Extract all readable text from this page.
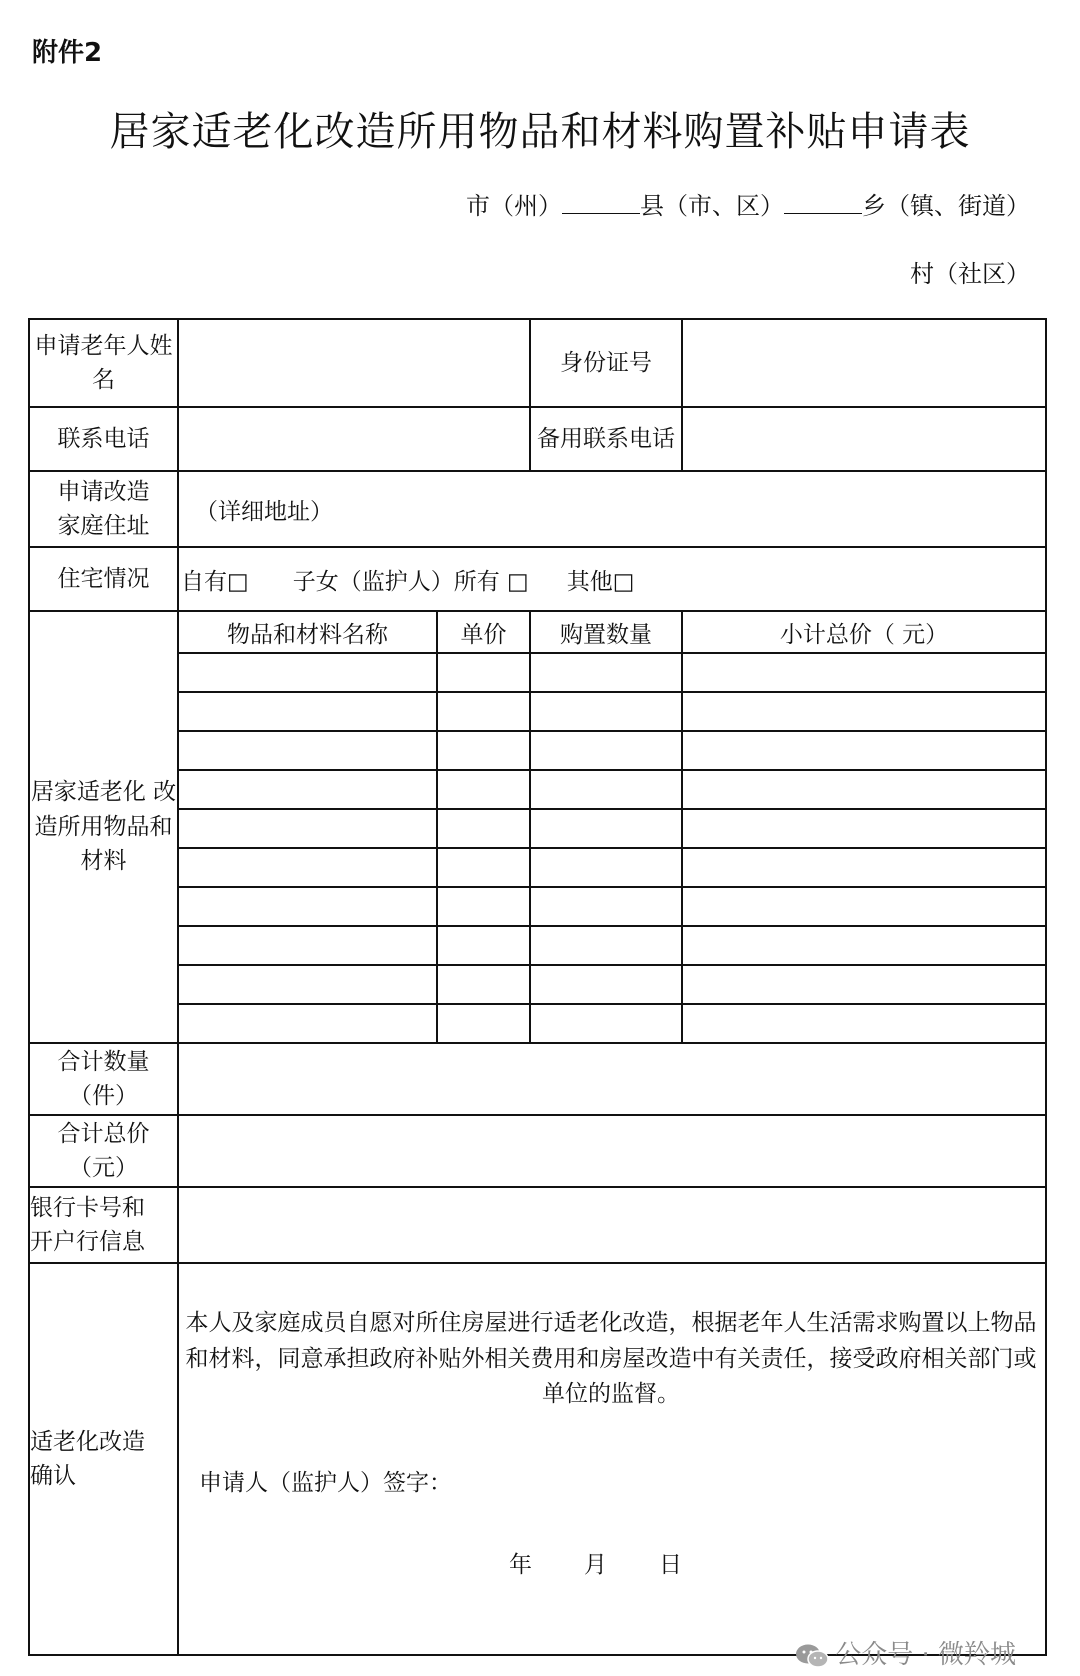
附件2
居家适老化改造所用物品和材料购置补贴申请表
市（州）	县（市、区）	乡（镇、街道）
村（社区）
申请老年人姓名			身份证号	
联系电话			备用联系电话	
申请改造家庭住址	（详细地址）			
住宅情况	自有□ 子女（监护人）所有 □ 其他□			
居家适老化 改造所用物品和材料	物品和材料名称	单价	购置数量	小计总价（ 元）

合计数量（件）				
合计总价（元）				
银行卡号和开户行信息				
适老化改造确认	本人及家庭成员自愿对所住房屋进行适老化改造，根据老年人生活需求购置以上物品和材料，同意承担政府补贴外相关费用和房屋改造中有关责任，接受政府相关部门或单位的监督。
申请人（监护人）签字：
年 月 日			
公众号 · 微羚城
